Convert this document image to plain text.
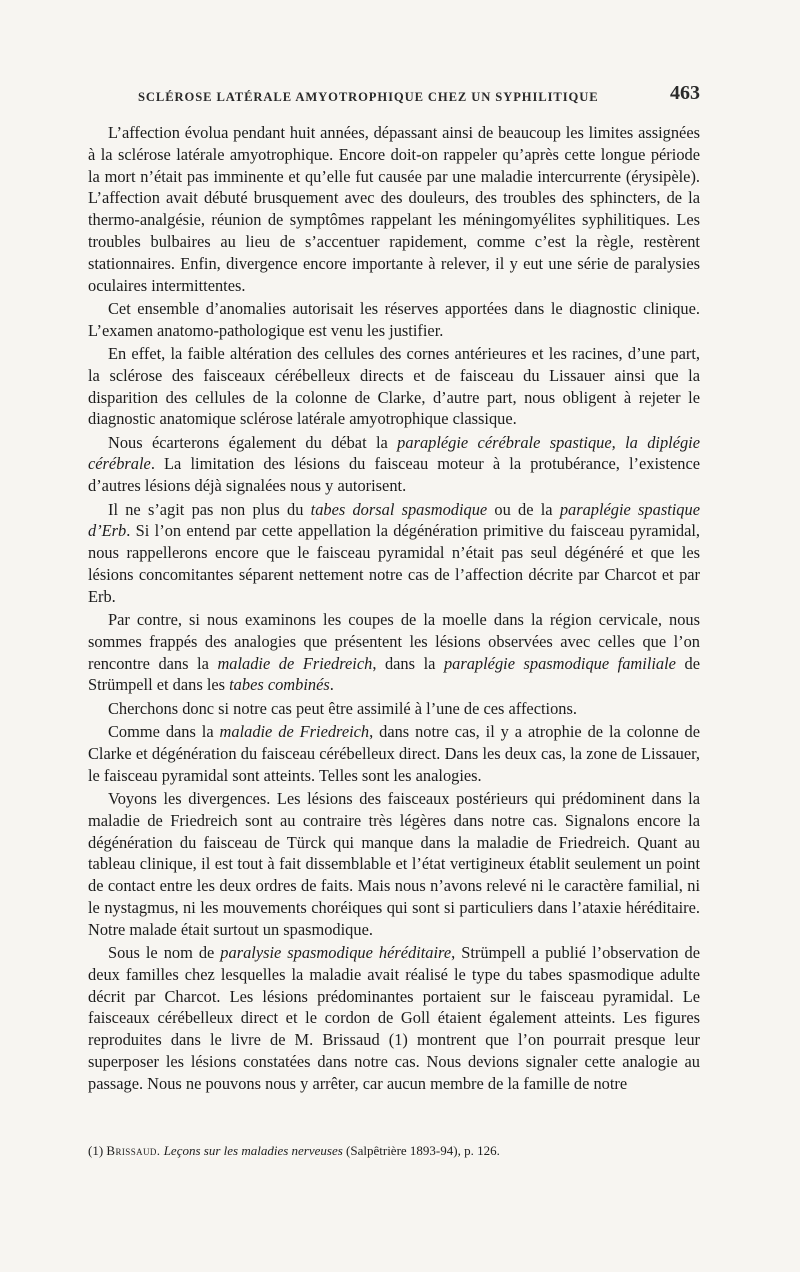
SCLÉROSE LATÉRALE AMYOTROPHIQUE CHEZ UN SYPHILITIQUE	463

L’affection évolua pendant huit années, dépassant ainsi de beaucoup les limites assignées à la sclérose latérale amyotrophique. Encore doit-on rappeler qu’après cette longue période la mort n’était pas imminente et qu’elle fut causée par une maladie intercurrente (érysipèle). L’affection avait débuté brusquement avec des douleurs, des troubles des sphincters, de la thermo-analgésie, réunion de symptômes rappelant les méningomyélites syphilitiques. Les troubles bulbaires au lieu de s’accentuer rapidement, comme c’est la règle, restèrent stationnaires. Enfin, divergence encore importante à relever, il y eut une série de paralysies oculaires intermittentes.

Cet ensemble d’anomalies autorisait les réserves apportées dans le diagnostic clinique. L’examen anatomo-pathologique est venu les justifier.

En effet, la faible altération des cellules des cornes antérieures et les racines, d’une part, la sclérose des faisceaux cérébelleux directs et de faisceau du Lissauer ainsi que la disparition des cellules de la colonne de Clarke, d’autre part, nous obligent à rejeter le diagnostic anatomique sclérose latérale amyotrophique classique.

Nous écarterons également du débat la paraplégie cérébrale spastique, la diplégie cérébrale. La limitation des lésions du faisceau moteur à la protubérance, l’existence d’autres lésions déjà signalées nous y autorisent.

Il ne s’agit pas non plus du tabes dorsal spasmodique ou de la paraplégie spastique d’Erb. Si l’on entend par cette appellation la dégénération primitive du faisceau pyramidal, nous rappellerons encore que le faisceau pyramidal n’était pas seul dégénéré et que les lésions concomitantes séparent nettement notre cas de l’affection décrite par Charcot et par Erb.

Par contre, si nous examinons les coupes de la moelle dans la région cervicale, nous sommes frappés des analogies que présentent les lésions observées avec celles que l’on rencontre dans la maladie de Friedreich, dans la paraplégie spasmodique familiale de Strümpell et dans les tabes combinés.

Cherchons donc si notre cas peut être assimilé à l’une de ces affections.

Comme dans la maladie de Friedreich, dans notre cas, il y a atrophie de la colonne de Clarke et dégénération du faisceau cérébelleux direct. Dans les deux cas, la zone de Lissauer, le faisceau pyramidal sont atteints. Telles sont les analogies.

Voyons les divergences. Les lésions des faisceaux postérieurs qui prédominent dans la maladie de Friedreich sont au contraire très légères dans notre cas. Signalons encore la dégénération du faisceau de Türck qui manque dans la maladie de Friedreich. Quant au tableau clinique, il est tout à fait dissemblable et l’état vertigineux établit seulement un point de contact entre les deux ordres de faits. Mais nous n’avons relevé ni le caractère familial, ni le nystagmus, ni les mouvements choréiques qui sont si particuliers dans l’ataxie héréditaire. Notre malade était surtout un spasmodique.

Sous le nom de paralysie spasmodique héréditaire, Strümpell a publié l’observation de deux familles chez lesquelles la maladie avait réalisé le type du tabes spasmodique adulte décrit par Charcot. Les lésions prédominantes portaient sur le faisceau pyramidal. Le faisceaux cérébelleux direct et le cordon de Goll étaient également atteints. Les figures reproduites dans le livre de M. Brissaud (1) montrent que l’on pourrait presque leur superposer les lésions constatées dans notre cas. Nous devions signaler cette analogie au passage. Nous ne pouvons nous y arrêter, car aucun membre de la famille de notre

(1) Brissaud. Leçons sur les maladies nerveuses (Salpêtrière 1893-94), p. 126.
